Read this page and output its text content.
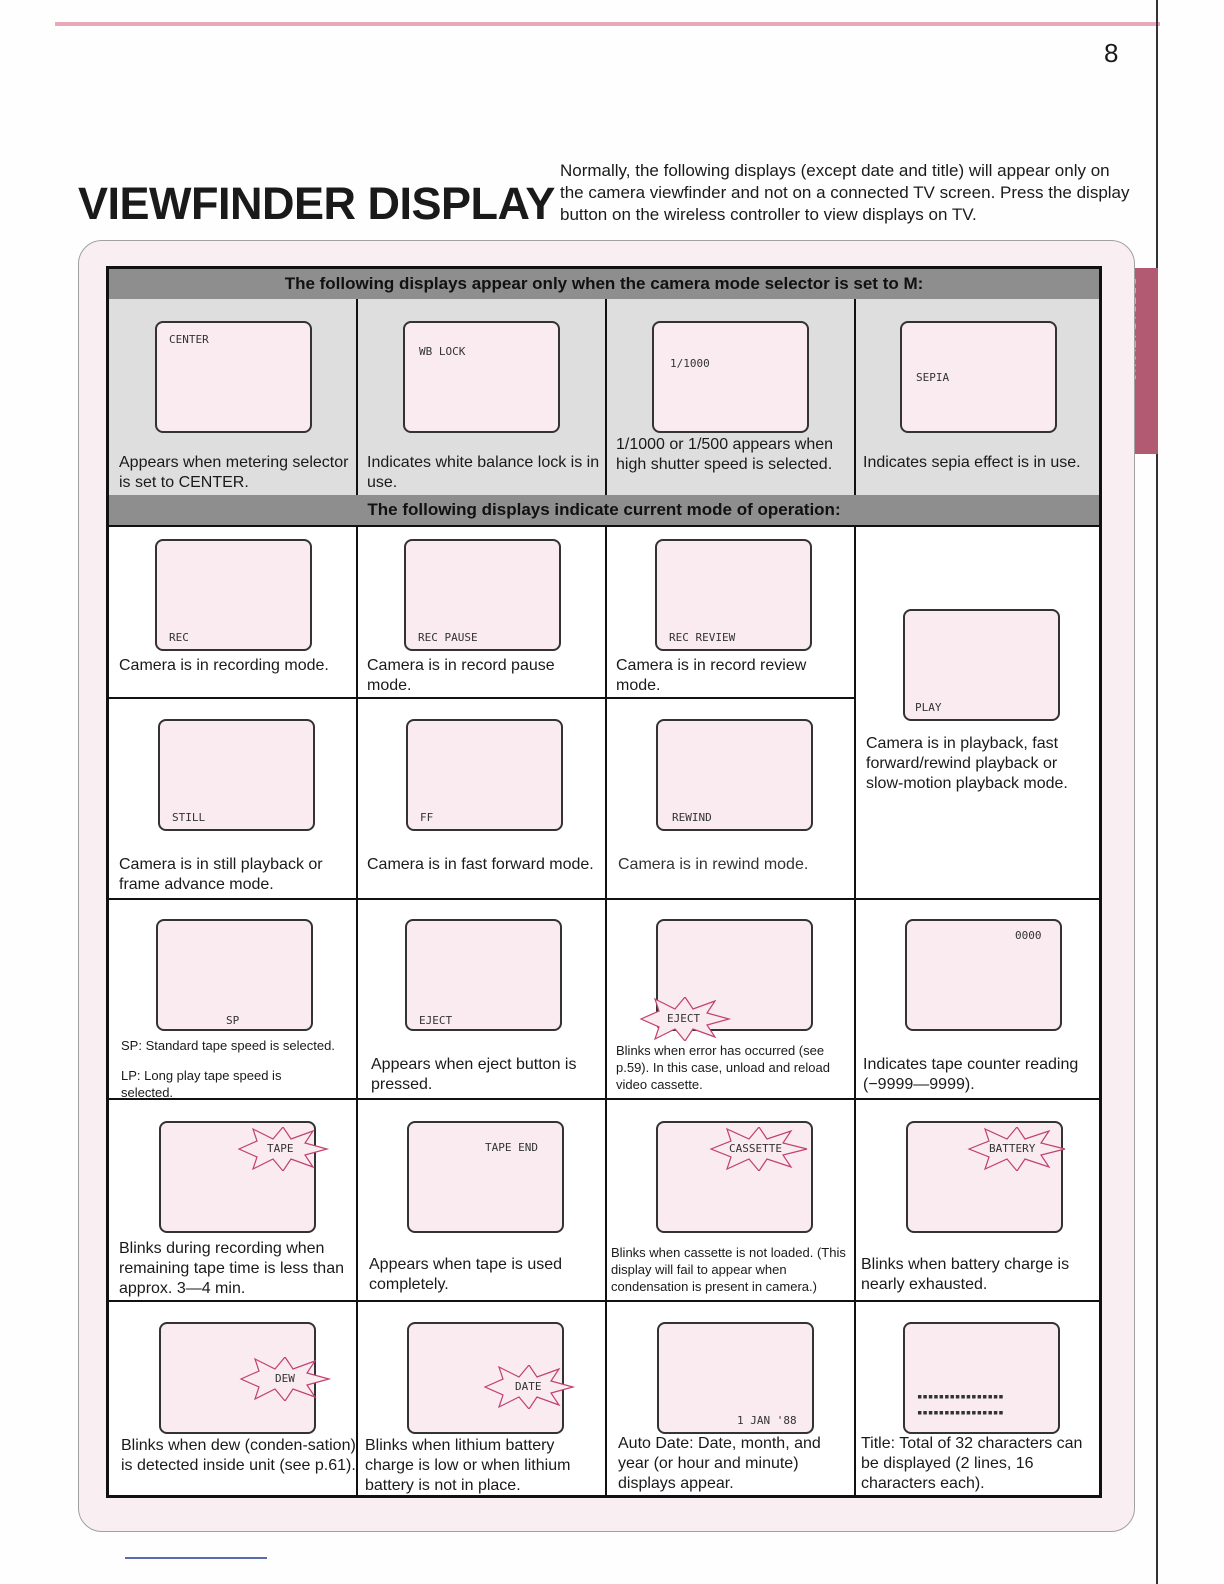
8
VIEWFINDER DISPLAY
Normally, the following displays (except date and title) will appear only on the camera viewfinder and not on a connected TV screen. Press the display button on the wireless controller to view displays on TV.
The following displays appear only when the camera mode selector is set to M:
The following displays indicate current mode of operation:
CENTER
Appears when metering selector is set to CENTER.
WB LOCK
Indicates white balance lock is in use.
1/1000
1/1000 or 1/500 appears when high shutter speed is selected.
SEPIA
Indicates sepia effect is in use.
REC
Camera is in recording mode.
REC PAUSE
Camera is in record pause mode.
REC REVIEW
Camera is in record review mode.
PLAY
Camera is in playback, fast forward/rewind playback or slow-motion playback mode.
STILL
Camera is in still playback or frame advance mode.
FF
Camera is in fast forward mode.
REWIND
Camera is in rewind mode.
SP
SP: Standard tape speed is selected.
LP: Long play tape speed is selected.
EJECT
Appears when eject button is pressed.
EJECT
Blinks when error has occurred (see p.59). In this case, unload and reload video cassette.
0000
Indicates tape counter reading (−9999—9999).
TAPE
Blinks during recording when remaining tape time is less than approx. 3—4 min.
TAPE END
Appears when tape is used completely.
CASSETTE
Blinks when cassette is not loaded. (This display will fail to appear when condensation is present in camera.)
BATTERY
Blinks when battery charge is nearly exhausted.
DEW
Blinks when dew (conden-sation) is detected inside unit (see p.61).
DATE
Blinks when lithium battery charge is low or when lithium battery is not in place.
1 JAN '88
Auto Date: Date, month, and year (or hour and minute) displays appear.
▪▪▪▪▪▪▪▪▪▪▪▪▪▪▪▪
▪▪▪▪▪▪▪▪▪▪▪▪▪▪▪▪
Title: Total of 32 characters can be displayed (2 lines, 16 characters each).
